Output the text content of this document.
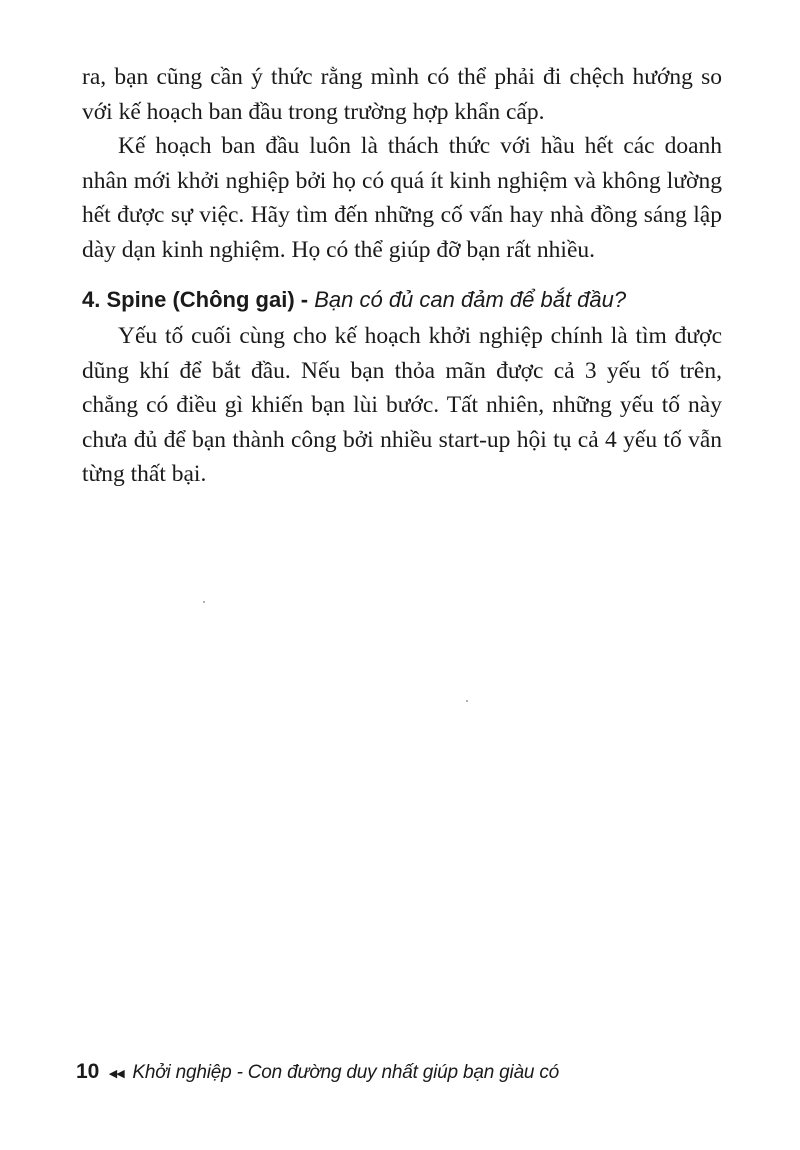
ra, bạn cũng cần ý thức rằng mình có thể phải đi chệch hướng so với kế hoạch ban đầu trong trường hợp khẩn cấp.

Kế hoạch ban đầu luôn là thách thức với hầu hết các doanh nhân mới khởi nghiệp bởi họ có quá ít kinh nghiệm và không lường hết được sự việc. Hãy tìm đến những cố vấn hay nhà đồng sáng lập dày dạn kinh nghiệm. Họ có thể giúp đỡ bạn rất nhiều.

4. Spine (Chông gai) - Bạn có đủ can đảm để bắt đầu?

Yếu tố cuối cùng cho kế hoạch khởi nghiệp chính là tìm được dũng khí để bắt đầu. Nếu bạn thỏa mãn được cả 3 yếu tố trên, chẳng có điều gì khiến bạn lùi bước. Tất nhiên, những yếu tố này chưa đủ để bạn thành công bởi nhiều start-up hội tụ cả 4 yếu tố vẫn từng thất bại.

10 ◂◂ Khởi nghiệp - Con đường duy nhất giúp bạn giàu có
